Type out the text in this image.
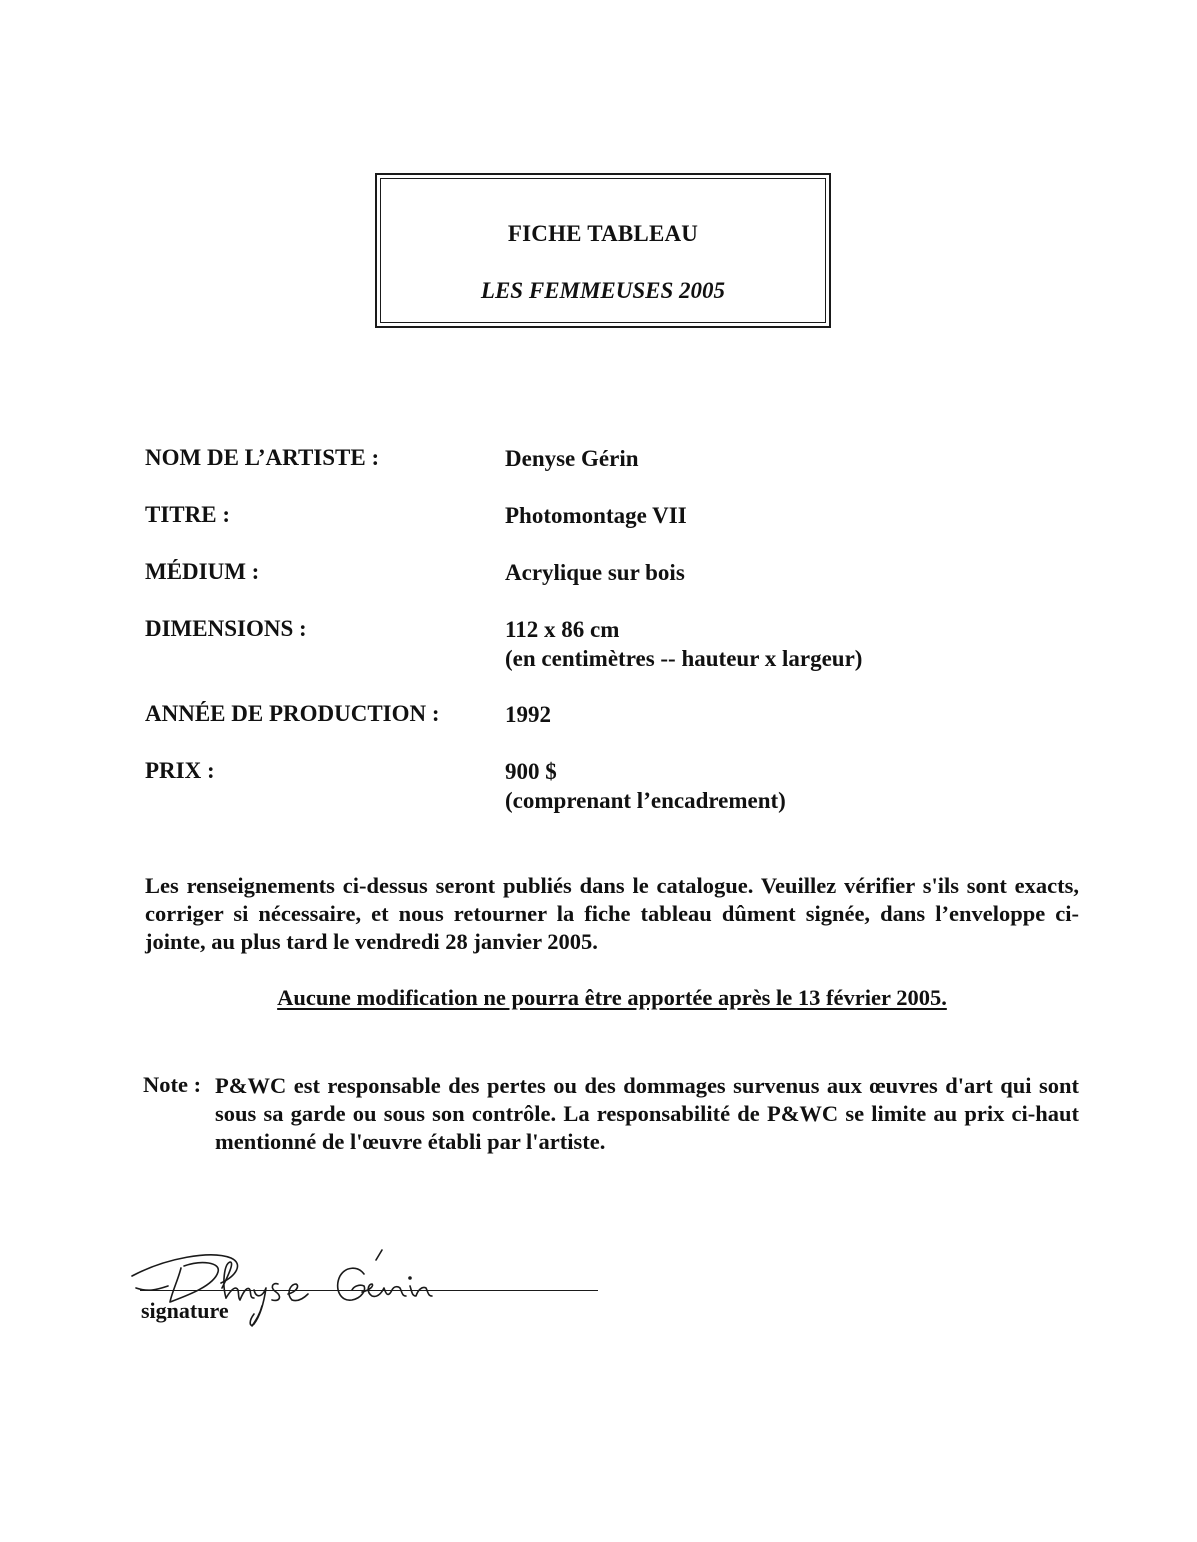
FICHE TABLEAU
LES FEMMEUSES 2005
NOM DE L’ARTISTE :	Denyse Gérin
TITRE :	Photomontage VII
MÉDIUM :	Acrylique sur bois
DIMENSIONS :	112 x 86 cm
(en centimètres -- hauteur x largeur)
ANNÉE DE PRODUCTION :	1992
PRIX :	900 $
(comprenant l’encadrement)
Les renseignements ci-dessus seront publiés dans le catalogue. Veuillez vérifier s'ils sont exacts, corriger si nécessaire, et nous retourner la fiche tableau dûment signée, dans l’enveloppe ci-jointe, au plus tard le vendredi 28 janvier 2005.
Aucune modification ne pourra être apportée après le 13 février 2005.
Note : P&WC est responsable des pertes ou des dommages survenus aux œuvres d'art qui sont sous sa garde ou sous son contrôle. La responsabilité de P&WC se limite au prix ci-haut mentionné de l'œuvre établi par l'artiste.
signature
